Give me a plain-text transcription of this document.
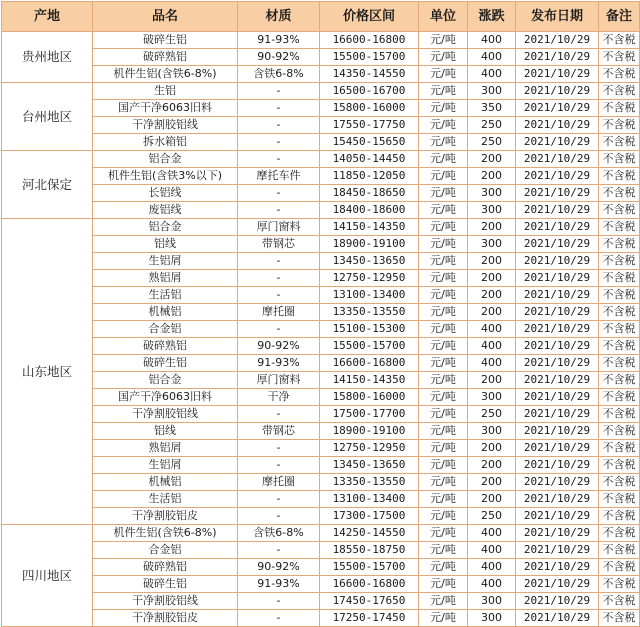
产地	品名	材质	价格区间	单位	涨跌	发布日期	备注
贵州地区	破碎生铝	91-93%	16600-16800	元/吨	400	2021/10/29	不含税
	破碎熟铝	90-92%	15500-15700	元/吨	400	2021/10/29	不含税
	机件生铝(含铁6-8%)	含铁6-8%	14350-14550	元/吨	400	2021/10/29	不含税
台州地区	生铝	-	16500-16700	元/吨	300	2021/10/29	不含税
	国产干净6063旧料	-	15800-16000	元/吨	350	2021/10/29	不含税
	干净割胶铝线	-	17550-17750	元/吨	250	2021/10/29	不含税
	拆水箱铝	-	15450-15650	元/吨	250	2021/10/29	不含税
河北保定	铝合金	-	14050-14450	元/吨	200	2021/10/29	不含税
	机件生铝(含铁3%以下)	摩托车件	11850-12050	元/吨	200	2021/10/29	不含税
	长铝线	-	18450-18650	元/吨	300	2021/10/29	不含税
	废铝线	-	18400-18600	元/吨	300	2021/10/29	不含税
山东地区	铝合金	厚门窗料	14150-14350	元/吨	200	2021/10/29	不含税
	铝线	带钢芯	18900-19100	元/吨	300	2021/10/29	不含税
	生铝屑	-	13450-13650	元/吨	200	2021/10/29	不含税
	熟铝屑	-	12750-12950	元/吨	200	2021/10/29	不含税
	生活铝	-	13100-13400	元/吨	200	2021/10/29	不含税
	机械铝	摩托圈	13350-13550	元/吨	200	2021/10/29	不含税
	合金铝	-	15100-15300	元/吨	400	2021/10/29	不含税
	破碎熟铝	90-92%	15500-15700	元/吨	400	2021/10/29	不含税
	破碎生铝	91-93%	16600-16800	元/吨	400	2021/10/29	不含税
	铝合金	厚门窗料	14150-14350	元/吨	200	2021/10/29	不含税
	国产干净6063旧料	干净	15800-16000	元/吨	300	2021/10/29	不含税
	干净割胶铝线	-	17500-17700	元/吨	250	2021/10/29	不含税
	铝线	带钢芯	18900-19100	元/吨	300	2021/10/29	不含税
	熟铝屑	-	12750-12950	元/吨	200	2021/10/29	不含税
	生铝屑	-	13450-13650	元/吨	200	2021/10/29	不含税
	机械铝	摩托圈	13350-13550	元/吨	200	2021/10/29	不含税
	生活铝	-	13100-13400	元/吨	200	2021/10/29	不含税
	干净割胶铝皮	-	17300-17500	元/吨	250	2021/10/29	不含税
四川地区	机件生铝(含铁6-8%)	含铁6-8%	14250-14550	元/吨	400	2021/10/29	不含税
	合金铝	-	18550-18750	元/吨	400	2021/10/29	不含税
	破碎熟铝	90-92%	15500-15700	元/吨	400	2021/10/29	不含税
	破碎生铝	91-93%	16600-16800	元/吨	400	2021/10/29	不含税
	干净割胶铝线	-	17450-17650	元/吨	300	2021/10/29	不含税
	干净割胶铝皮	-	17250-17450	元/吨	300	2021/10/29	不含税
